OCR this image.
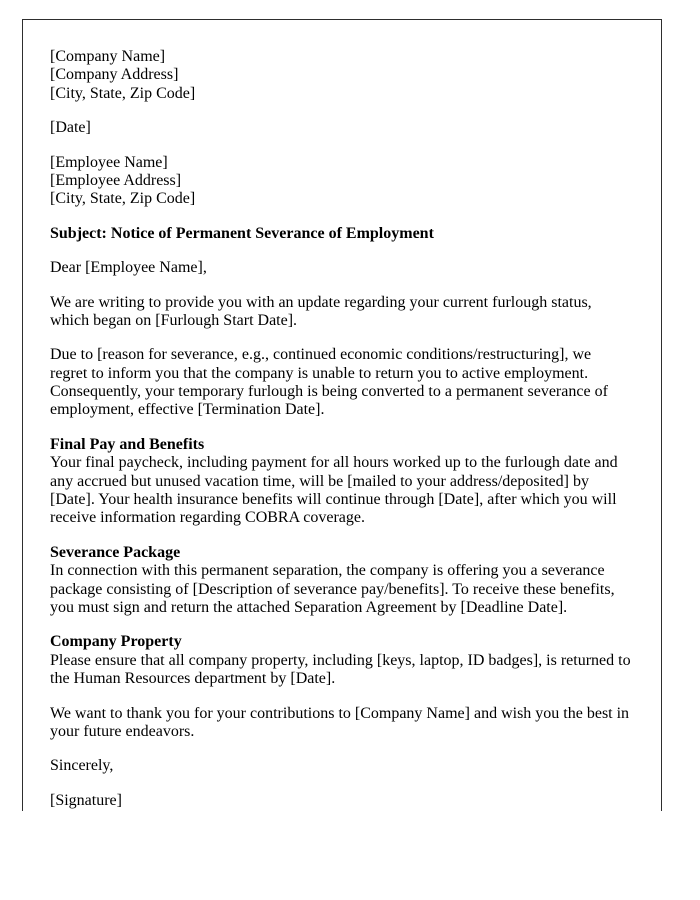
[Company Name]
[Company Address]
[City, State, Zip Code]
[Date]
[Employee Name]
[Employee Address]
[City, State, Zip Code]
Subject: Notice of Permanent Severance of Employment
Dear [Employee Name],
We are writing to provide you with an update regarding your current furlough status, which began on [Furlough Start Date].
Due to [reason for severance, e.g., continued economic conditions/restructuring], we regret to inform you that the company is unable to return you to active employment. Consequently, your temporary furlough is being converted to a permanent severance of employment, effective [Termination Date].
Final Pay and Benefits
Your final paycheck, including payment for all hours worked up to the furlough date and any accrued but unused vacation time, will be [mailed to your address/deposited] by [Date]. Your health insurance benefits will continue through [Date], after which you will receive information regarding COBRA coverage.
Severance Package
In connection with this permanent separation, the company is offering you a severance package consisting of [Description of severance pay/benefits]. To receive these benefits, you must sign and return the attached Separation Agreement by [Deadline Date].
Company Property
Please ensure that all company property, including [keys, laptop, ID badges], is returned to the Human Resources department by [Date].
We want to thank you for your contributions to [Company Name] and wish you the best in your future endeavors.
Sincerely,
[Signature]
